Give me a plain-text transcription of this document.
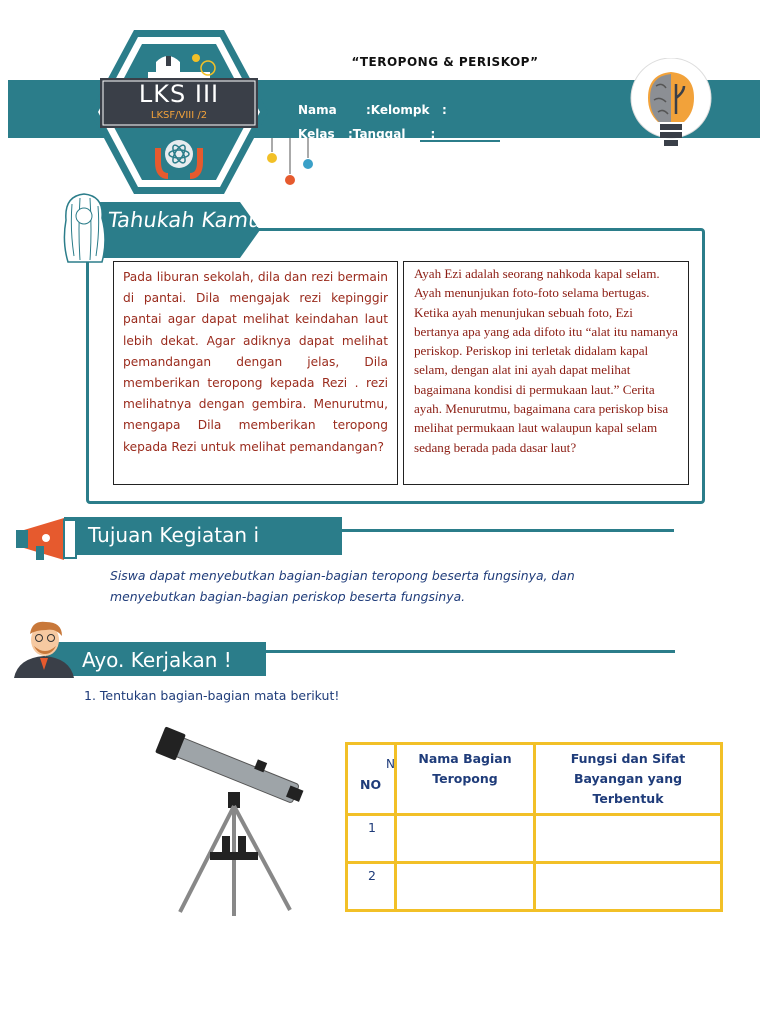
“TEROPONG & PERISKOP”
Nama :Kelompk   :
Kelas :Tanggal      :
LKS III
LKSF/VIII /2
Tahukah Kamu?
Pada liburan sekolah, dila dan rezi bermain di pantai. Dila mengajak rezi kepinggir pantai agar dapat melihat keindahan laut lebih dekat. Agar adiknya dapat melihat pemandangan dengan jelas, Dila memberikan teropong kepada Rezi . rezi melihatnya dengan gembira. Menurutmu, mengapa Dila memberikan teropong kepada Rezi untuk melihat pemandangan?
Ayah Ezi adalah seorang nahkoda kapal selam. Ayah menunjukan foto-foto selama bertugas. Ketika ayah menunjukan sebuah foto, Ezi bertanya apa yang ada difoto itu “alat itu namanya periskop. Periskop ini terletak didalam kapal selam, dengan alat ini ayah dapat melihat bagaimana kondisi di permukaan laut.” Cerita ayah. Menurutmu, bagaimana cara periskop bisa melihat permukaan laut walaupun kapal selam sedang berada pada dasar laut?
Tujuan Kegiatan i
Siswa dapat menyebutkan bagian-bagian teropong beserta fungsinya, dan menyebutkan bagian-bagian periskop beserta fungsinya.
Ayo. Kerjakan !
1. Tentukan bagian-bagian mata berikut!
N
NO	Nama Bagian Teropong	Fungsi dan Sifat Bayangan yang Terbentuk
1		
2		
